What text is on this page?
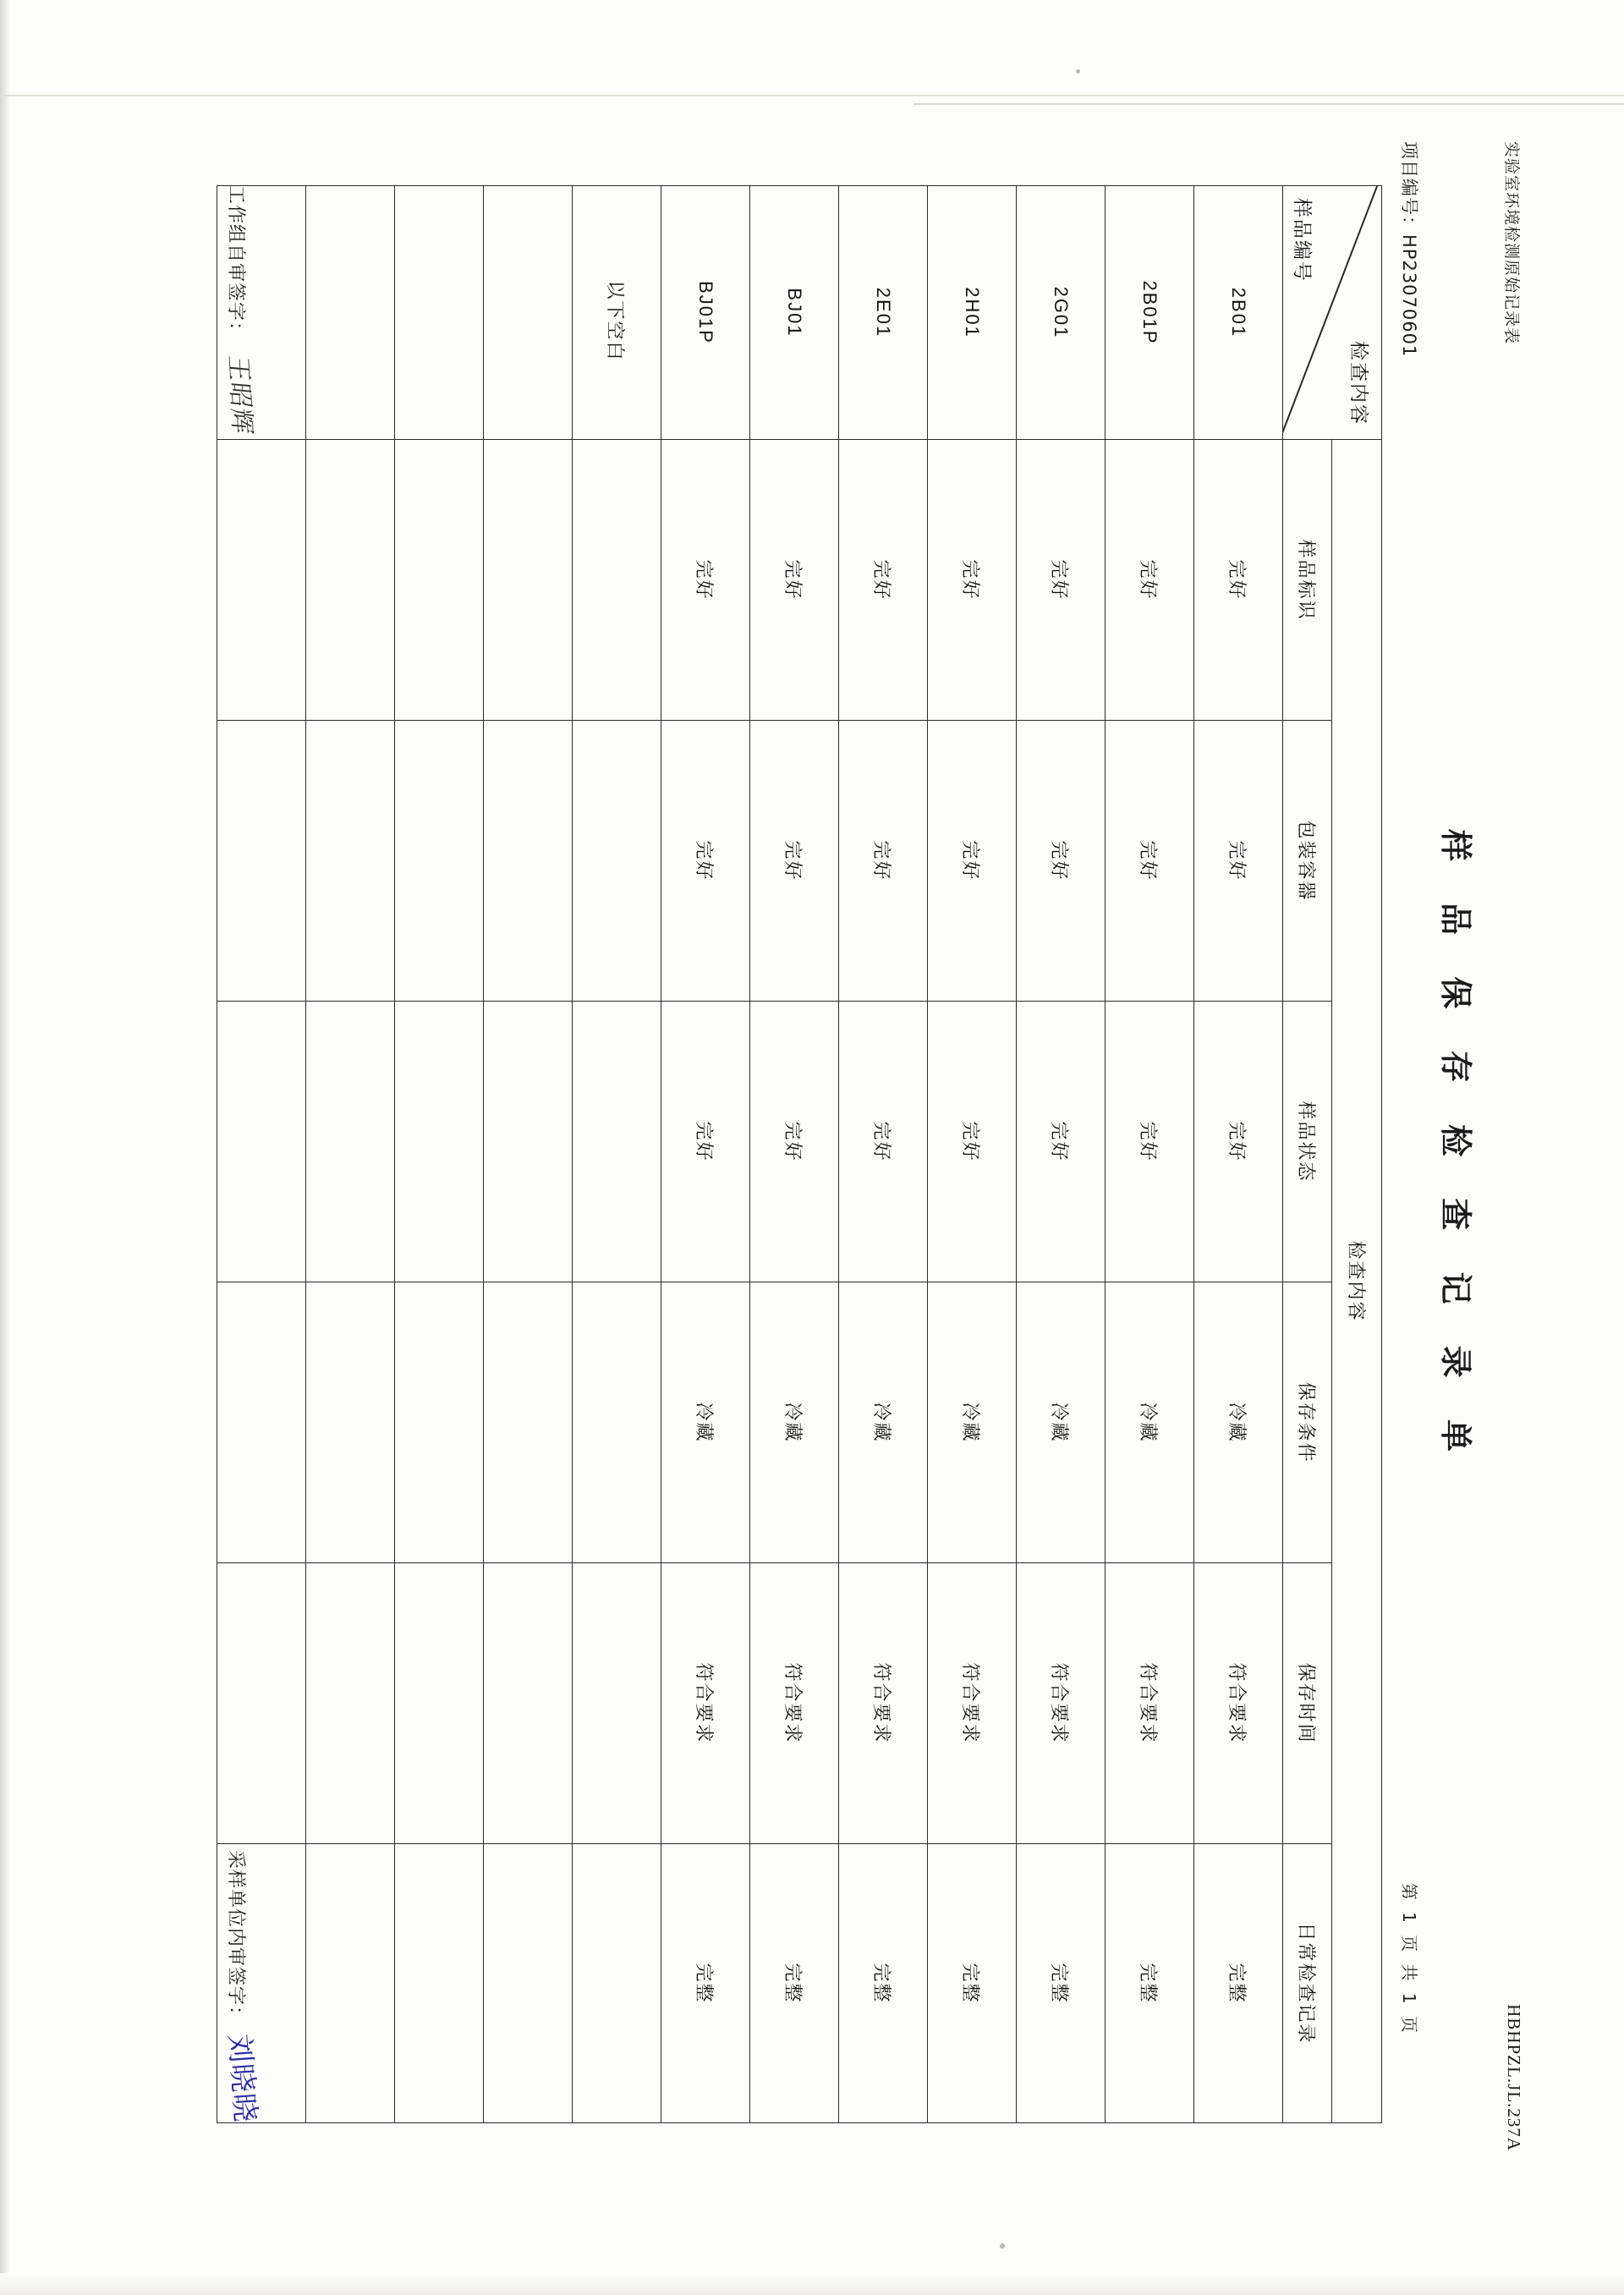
实验室环境检测原始记录表
HBHPZL.JL.237A
样 品 保 存 检 查 记 录 单
项目编号：HP23070601
第 1 页 共 1 页
检查内容
样品编号	检查内容					
	样品标识	包装容器	样品状态	保存条件	保存时间	日常检查记录
2B01	完好	完好	完好	冷藏	符合要求	完整
2B01P	完好	完好	完好	冷藏	符合要求	完整
2G01	完好	完好	完好	冷藏	符合要求	完整
2H01	完好	完好	完好	冷藏	符合要求	完整
2E01	完好	完好	完好	冷藏	符合要求	完整
BJ01	完好	完好	完好	冷藏	符合要求	完整
BJ01P	完好	完好	完好	冷藏	符合要求	完整
以下空白						

工作组自审签字：
王昭辉
采样单位内审签字：
刘晓晓
